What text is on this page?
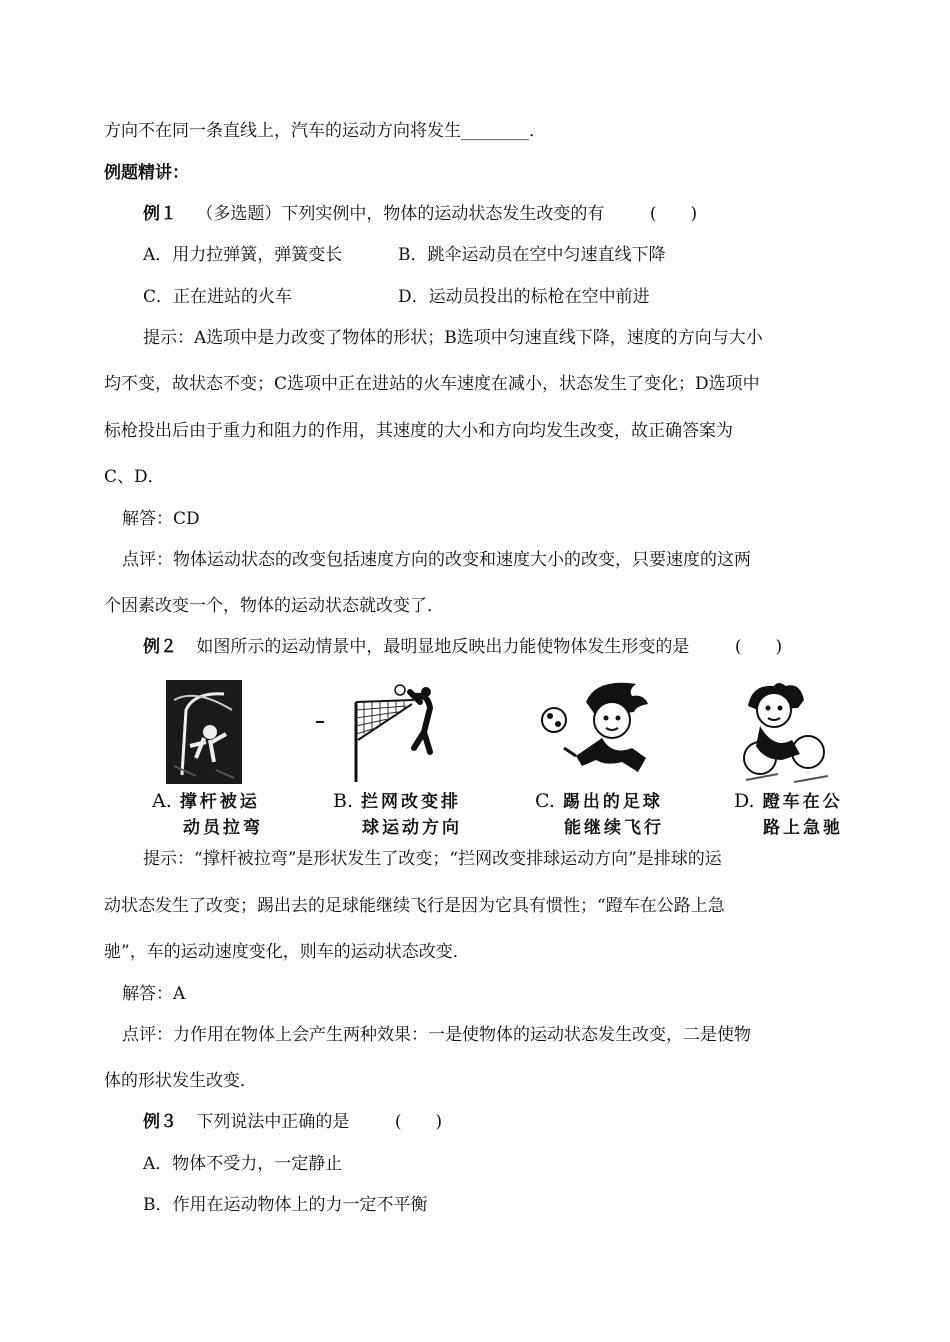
方向不在同一条直线上，汽车的运动方向将发生________．
例题精讲：
例１ （多选题）下列实例中，物体的运动状态发生改变的有	(　　)
A．用力拉弹簧，弹簧变长	B．跳伞运动员在空中匀速直线下降
C．正在进站的火车	D．运动员投出的标枪在空中前进
提示：A选项中是力改变了物体的形状；B选项中匀速直线下降，速度的方向与大小
均不变，故状态不变；C选项中正在进站的火车速度在减小，状态发生了变化；D选项中
标枪投出后由于重力和阻力的作用，其速度的大小和方向均发生改变，故正确答案为
C、D．
解答：CD
点评：物体运动状态的改变包括速度方向的改变和速度大小的改变，只要速度的这两
个因素改变一个，物体的运动状态就改变了．
例２ 如图所示的运动情景中，最明显地反映出力能使物体发生形变的是	(　　)
A. 撑杆被运
动员拉弯
B. 拦网改变排
球运动方向
C. 踢出的足球
能继续飞行
D. 蹬车在公
路上急驰
提示：“撑杆被拉弯”是形状发生了改变；“拦网改变排球运动方向”是排球的运
动状态发生了改变；踢出去的足球能继续飞行是因为它具有惯性；“蹬车在公路上急
驰”，车的运动速度变化，则车的运动状态改变．
解答：A
点评：力作用在物体上会产生两种效果：一是使物体的运动状态发生改变，二是使物
体的形状发生改变．
例３ 下列说法中正确的是	(　　)
A．物体不受力，一定静止
B．作用在运动物体上的力一定不平衡
